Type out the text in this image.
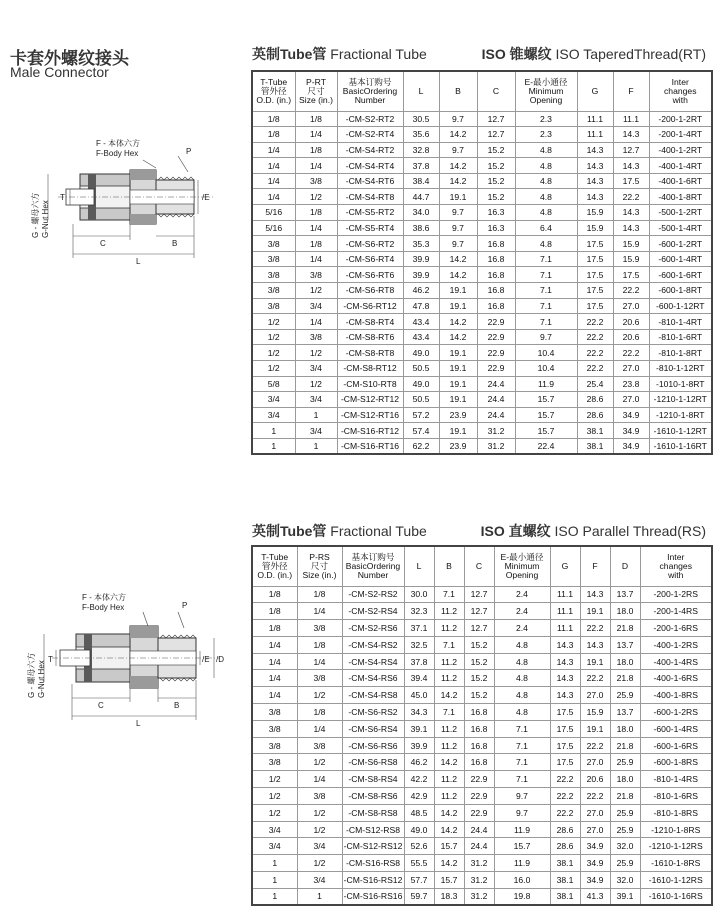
卡套外螺纹接头
Male Connector
英制Tube管 Fractional Tube	ISO 锥螺纹 ISO TaperedThread(RT)
T-Tube
管外径
O.D. (in.)	P-RT
尺寸
Size (in.)	基本订购号
BasicOrdering
Number	L	B	C	E-最小通径
Minimum
Opening	G	F	Inter
changes
with
1/8	1/8	-CM-S2-RT2	30.5	9.7	12.7	2.3	11.1	11.1	-200-1-2RT
1/8	1/4	-CM-S2-RT4	35.6	14.2	12.7	2.3	11.1	14.3	-200-1-4RT
1/4	1/8	-CM-S4-RT2	32.8	9.7	15.2	4.8	14.3	12.7	-400-1-2RT
1/4	1/4	-CM-S4-RT4	37.8	14.2	15.2	4.8	14.3	14.3	-400-1-4RT
1/4	3/8	-CM-S4-RT6	38.4	14.2	15.2	4.8	14.3	17.5	-400-1-6RT
1/4	1/2	-CM-S4-RT8	44.7	19.1	15.2	4.8	14.3	22.2	-400-1-8RT
5/16	1/8	-CM-S5-RT2	34.0	9.7	16.3	4.8	15.9	14.3	-500-1-2RT
5/16	1/4	-CM-S5-RT4	38.6	9.7	16.3	6.4	15.9	14.3	-500-1-4RT
3/8	1/8	-CM-S6-RT2	35.3	9.7	16.8	4.8	17.5	15.9	-600-1-2RT
3/8	1/4	-CM-S6-RT4	39.9	14.2	16.8	7.1	17.5	15.9	-600-1-4RT
3/8	3/8	-CM-S6-RT6	39.9	14.2	16.8	7.1	17.5	17.5	-600-1-6RT
3/8	1/2	-CM-S6-RT8	46.2	19.1	16.8	7.1	17.5	22.2	-600-1-8RT
3/8	3/4	-CM-S6-RT12	47.8	19.1	16.8	7.1	17.5	27.0	-600-1-12RT
1/2	1/4	-CM-S8-RT4	43.4	14.2	22.9	7.1	22.2	20.6	-810-1-4RT
1/2	3/8	-CM-S8-RT6	43.4	14.2	22.9	9.7	22.2	20.6	-810-1-6RT
1/2	1/2	-CM-S8-RT8	49.0	19.1	22.9	10.4	22.2	22.2	-810-1-8RT
1/2	3/4	-CM-S8-RT12	50.5	19.1	22.9	10.4	22.2	27.0	-810-1-12RT
5/8	1/2	-CM-S10-RT8	49.0	19.1	24.4	11.9	25.4	23.8	-1010-1-8RT
3/4	3/4	-CM-S12-RT12	50.5	19.1	24.4	15.7	28.6	27.0	-1210-1-12RT
3/4	1	-CM-S12-RT16	57.2	23.9	24.4	15.7	28.6	34.9	-1210-1-8RT
1	3/4	-CM-S16-RT12	57.4	19.1	31.2	15.7	38.1	34.9	-1610-1-12RT
1	1	-CM-S16-RT16	62.2	23.9	31.2	22.4	38.1	34.9	-1610-1-16RT
英制Tube管 Fractional Tube	ISO 直螺纹 ISO Parallel Thread(RS)
T-Tube
管外径
O.D. (in.)	P-RS
尺寸
Size (in.)	基本订购号
BasicOrdering
Number	L	B	C	E-最小通径
Minimum
Opening	G	F	D	Inter
changes
with
1/8	1/8	-CM-S2-RS2	30.0	7.1	12.7	2.4	11.1	14.3	13.7	-200-1-2RS
1/8	1/4	-CM-S2-RS4	32.3	11.2	12.7	2.4	11.1	19.1	18.0	-200-1-4RS
1/8	3/8	-CM-S2-RS6	37.1	11.2	12.7	2.4	11.1	22.2	21.8	-200-1-6RS
1/4	1/8	-CM-S4-RS2	32.5	7.1	15.2	4.8	14.3	14.3	13.7	-400-1-2RS
1/4	1/4	-CM-S4-RS4	37.8	11.2	15.2	4.8	14.3	19.1	18.0	-400-1-4RS
1/4	3/8	-CM-S4-RS6	39.4	11.2	15.2	4.8	14.3	22.2	21.8	-400-1-6RS
1/4	1/2	-CM-S4-RS8	45.0	14.2	15.2	4.8	14.3	27.0	25.9	-400-1-8RS
3/8	1/8	-CM-S6-RS2	34.3	7.1	16.8	4.8	17.5	15.9	13.7	-600-1-2RS
3/8	1/4	-CM-S6-RS4	39.1	11.2	16.8	7.1	17.5	19.1	18.0	-600-1-4RS
3/8	3/8	-CM-S6-RS6	39.9	11.2	16.8	7.1	17.5	22.2	21.8	-600-1-6RS
3/8	1/2	-CM-S6-RS8	46.2	14.2	16.8	7.1	17.5	27.0	25.9	-600-1-8RS
1/2	1/4	-CM-S8-RS4	42.2	11.2	22.9	7.1	22.2	20.6	18.0	-810-1-4RS
1/2	3/8	-CM-S8-RS6	42.9	11.2	22.9	9.7	22.2	22.2	21.8	-810-1-6RS
1/2	1/2	-CM-S8-RS8	48.5	14.2	22.9	9.7	22.2	27.0	25.9	-810-1-8RS
3/4	1/2	-CM-S12-RS8	49.0	14.2	24.4	11.9	28.6	27.0	25.9	-1210-1-8RS
3/4	3/4	-CM-S12-RS12	52.6	15.7	24.4	15.7	28.6	34.9	32.0	-1210-1-12RS
1	1/2	-CM-S16-RS8	55.5	14.2	31.2	11.9	38.1	34.9	25.9	-1610-1-8RS
1	3/4	-CM-S16-RS12	57.7	15.7	31.2	16.0	38.1	34.9	32.0	-1610-1-12RS
1	1	-CM-S16-RS16	59.7	18.3	31.2	19.8	38.1	41.3	39.1	-1610-1-16RS
F - 本体六方 F-Body Hex	P
T	/E
C	B
L
G - 螺母六方G-Nut Hex
F - 本体六方 F-Body Hex	P
T	/E /D
C	B
L
G - 螺母六方G-Nut Hex
